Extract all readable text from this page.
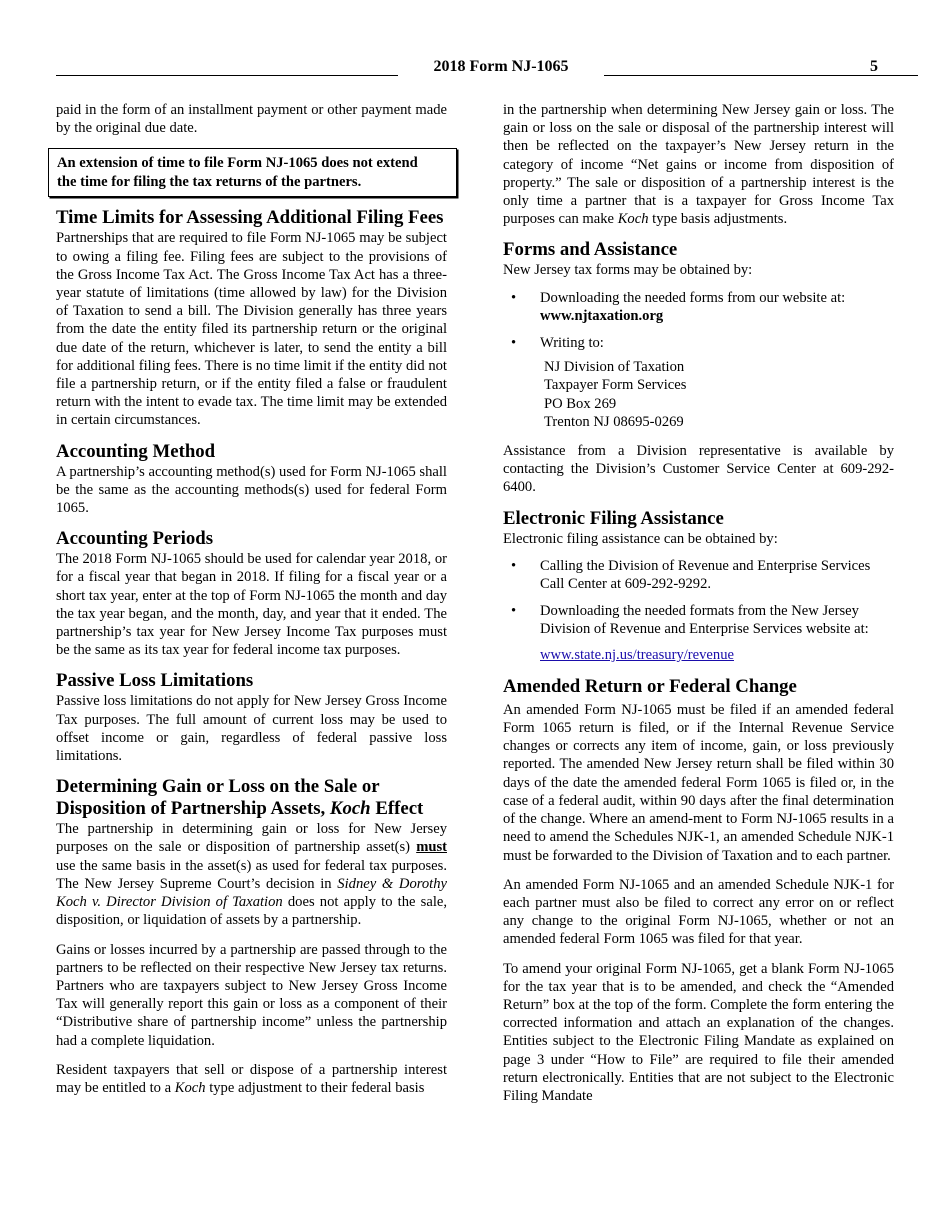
2018 Form NJ-1065	5

paid in the form of an installment payment or other payment made by the original due date.

An extension of time to file Form NJ-1065 does not extend
the time for filing the tax returns of the partners.
Time Limits for Assessing Additional Filing Fees

Partnerships that are required to file Form NJ-1065 may be subject to owing a filing fee. Filing fees are subject to the provisions of the Gross Income Tax Act. The Gross Income Tax Act has a three-year statute of limitations (time allowed by law) for the Division of Taxation to send a bill. The Division generally has three years from the date the entity filed its partnership return or the original due date of the return, whichever is later, to send the entity a bill for additional filing fees. There is no time limit if the entity did not file a partnership return, or if the entity filed a false or fraudulent return with the intent to evade tax. The time limit may be extended in certain circumstances.

Accounting Method

A partnership’s accounting method(s) used for Form NJ-1065 shall be the same as the accounting methods(s) used for federal Form 1065.

Accounting Periods

The 2018 Form NJ-1065 should be used for calendar year 2018, or for a fiscal year that began in 2018. If filing for a fiscal year or a short tax year, enter at the top of Form NJ-1065 the month and day the tax year began, and the month, day, and year that it ended. The partnership’s tax year for New Jersey Income Tax purposes must be the same as its tax year for federal income tax purposes.

Passive Loss Limitations

Passive loss limitations do not apply for New Jersey Gross Income Tax purposes. The full amount of current loss may be used to offset income or gain, regardless of federal passive loss limitations.

Determining Gain or Loss on the Sale or
Disposition of Partnership Assets, Koch Effect

The partnership in determining gain or loss for New Jersey purposes on the sale or disposition of partnership asset(s) must use the same basis in the asset(s) as used for federal tax purposes. The New Jersey Supreme Court’s decision in Sidney & Dorothy Koch v. Director Division of Taxation does not apply to the sale, disposition, or liquidation of assets by a partnership.

Gains or losses incurred by a partnership are passed through to the partners to be reflected on their respective New Jersey tax returns. Partners who are taxpayers subject to New Jersey Gross Income Tax will generally report this gain or loss as a component of their “Distributive share of partnership income” unless the partnership had a complete liquidation.

Resident taxpayers that sell or dispose of a partnership interest may be entitled to a Koch type adjustment to their federal basis

in the partnership when determining New Jersey gain or loss. The gain or loss on the sale or disposal of the partnership interest will then be reflected on the taxpayer’s New Jersey return in the category of income “Net gains or income from disposition of property.” The sale or disposition of a partnership interest is the only time a partner that is a taxpayer for Gross Income Tax purposes can make Koch type basis adjustments.

Forms and Assistance

New Jersey tax forms may be obtained by:

• Downloading the needed forms from our website at:
www.njtaxation.org
• Writing to:
NJ Division of Taxation
Taxpayer Form Services
PO Box 269
Trenton NJ 08695-0269

Assistance from a Division representative is available by contacting the Division’s Customer Service Center at 609-292-6400.

Electronic Filing Assistance

Electronic filing assistance can be obtained by:

• Calling the Division of Revenue and Enterprise Services Call Center at 609-292-9292.
• Downloading the needed formats from the New Jersey Division of Revenue and Enterprise Services website at:
www.state.nj.us/treasury/revenue
Amended Return or Federal Change

An amended Form NJ-1065 must be filed if an amended federal Form 1065 return is filed, or if the Internal Revenue Service changes or corrects any item of income, gain, or loss previously reported. The amended New Jersey return shall be filed within 30 days of the date the amended federal Form 1065 is filed or, in the case of a federal audit, within 90 days after the final determination of the change. Where an amend-ment to Form NJ-1065 results in a need to amend the Schedules NJK-1, an amended Schedule NJK-1 must be forwarded to the Division of Taxation and to each partner.

An amended Form NJ-1065 and an amended Schedule NJK-1 for each partner must also be filed to correct any error on or reflect any change to the original Form NJ-1065, whether or not an amended federal Form 1065 was filed for that year.

To amend your original Form NJ-1065, get a blank Form NJ-1065 for the tax year that is to be amended, and check the “Amended Return” box at the top of the form. Complete the form entering the corrected information and attach an explanation of the changes. Entities subject to the Electronic Filing Mandate as explained on page 3 under “How to File” are required to file their amended return electronically. Entities that are not subject to the Electronic Filing Mandate
